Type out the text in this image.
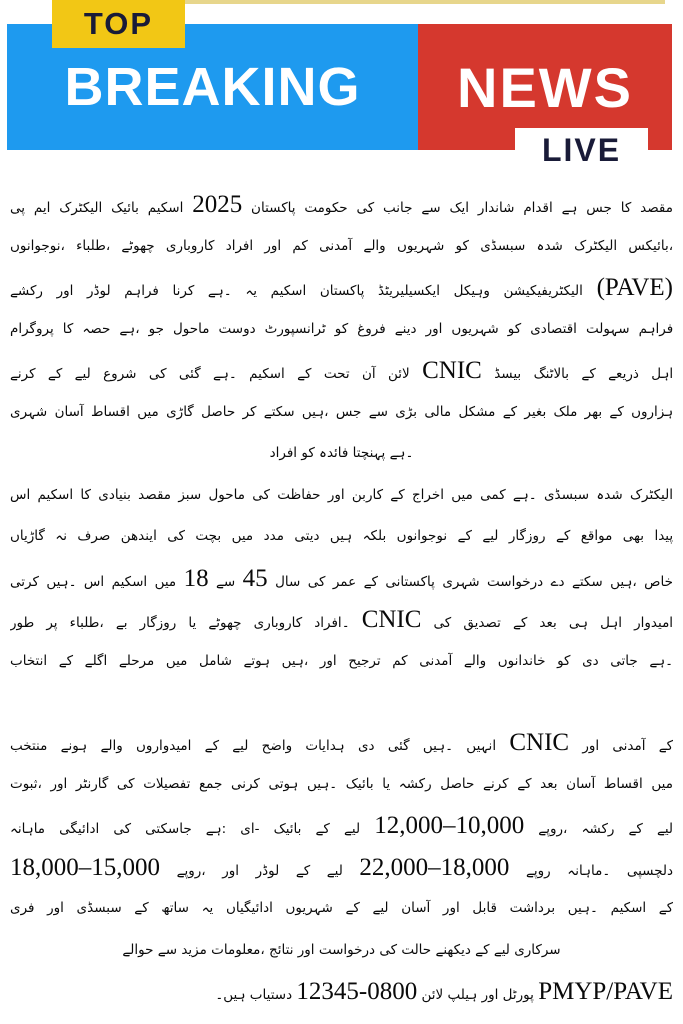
TOP
BREAKING NEWS
LIVE
پی ایم الیکٹرک بائیک اسکیم 2025 پاکستان حکومت کی جانب سے ایک شاندار اقدام ہے جس کا مقصد
نوجوانوں، طلباء، چھوٹے کاروباری افراد اور کم آمدنی والے شہریوں کو سبسڈی شدہ الیکٹرک بائیکس،
رکشے اور لوڈر فراہم کرنا ہے۔ یہ اسکیم پاکستان ایکسیلیریٹڈ وہیکل الیکٹریفیکیشن (PAVE)
پروگرام کا حصہ ہے، جو ماحول دوست ٹرانسپورٹ کو فروغ دینے اور شہریوں کو اقتصادی سہولت فراہم
کرنے کے لیے شروع کی گئی ہے۔ اسکیم کے تحت آن لائن CNIC بیسڈ بالاٹنگ کے ذریعے اہل
شہری آسان اقساط میں گاڑی حاصل کر سکتے ہیں، جس سے بڑی مالی مشکل کے بغیر ملک بھر کے ہزاروں
افراد کو فائدہ پہنچتا ہے۔
اس اسکیم کا بنیادی مقصد سبز ماحول کی حفاظت اور کاربن کے اخراج میں کمی ہے۔ سبسڈی شدہ الیکٹرک
گاڑیاں نہ صرف ایندھن کی بچت میں مدد دیتی ہیں بلکہ نوجوانوں کے لیے روزگار کے مواقع بھی پیدا
کرتی ہیں۔ اس اسکیم میں 18 سے 45 سال کی عمر کے پاکستانی شہری درخواست دے سکتے ہیں، خاص
طور پر طلباء، بے روزگار یا چھوٹے کاروباری افراد۔ CNIC کی تصدیق کے بعد ہی اہل امیدوار
انتخاب کے اگلے مرحلے میں شامل ہوتے ہیں، اور ترجیح کم آمدنی والے خاندانوں کو دی جاتی ہے۔
منتخب ہونے والے امیدواروں کے لیے واضح ہدایات دی گئی ہیں۔ انہیں CNIC اور آمدنی کے
ثبوت، اور گارنٹر کی تفصیلات جمع کرنی ہوتی ہیں۔ بائیک یا رکشہ حاصل کرنے کے بعد آسان اقساط میں
ماہانہ ادائیگی کی جاسکتی ہے: ای- بائیک کے لیے 12,000–10,000 روپے، رکشہ کے لیے
18,000–15,000 روپے، اور لوڈر کے لیے 22,000–18,000 روپے ماہانہ۔ دلچسپی
فری اور سبسڈی کے ساتھ یہ ادائیگیاں شہریوں کے لیے آسان اور قابل برداشت ہیں۔ اسکیم کے
حوالے سے مزید معلومات، نتائج اور درخواست کی حالت دیکھنے کے لیے سرکاری
PMYP/PAVE پورٹل اور ہیلپ لائن 12345-0800 دستیاب ہیں۔
